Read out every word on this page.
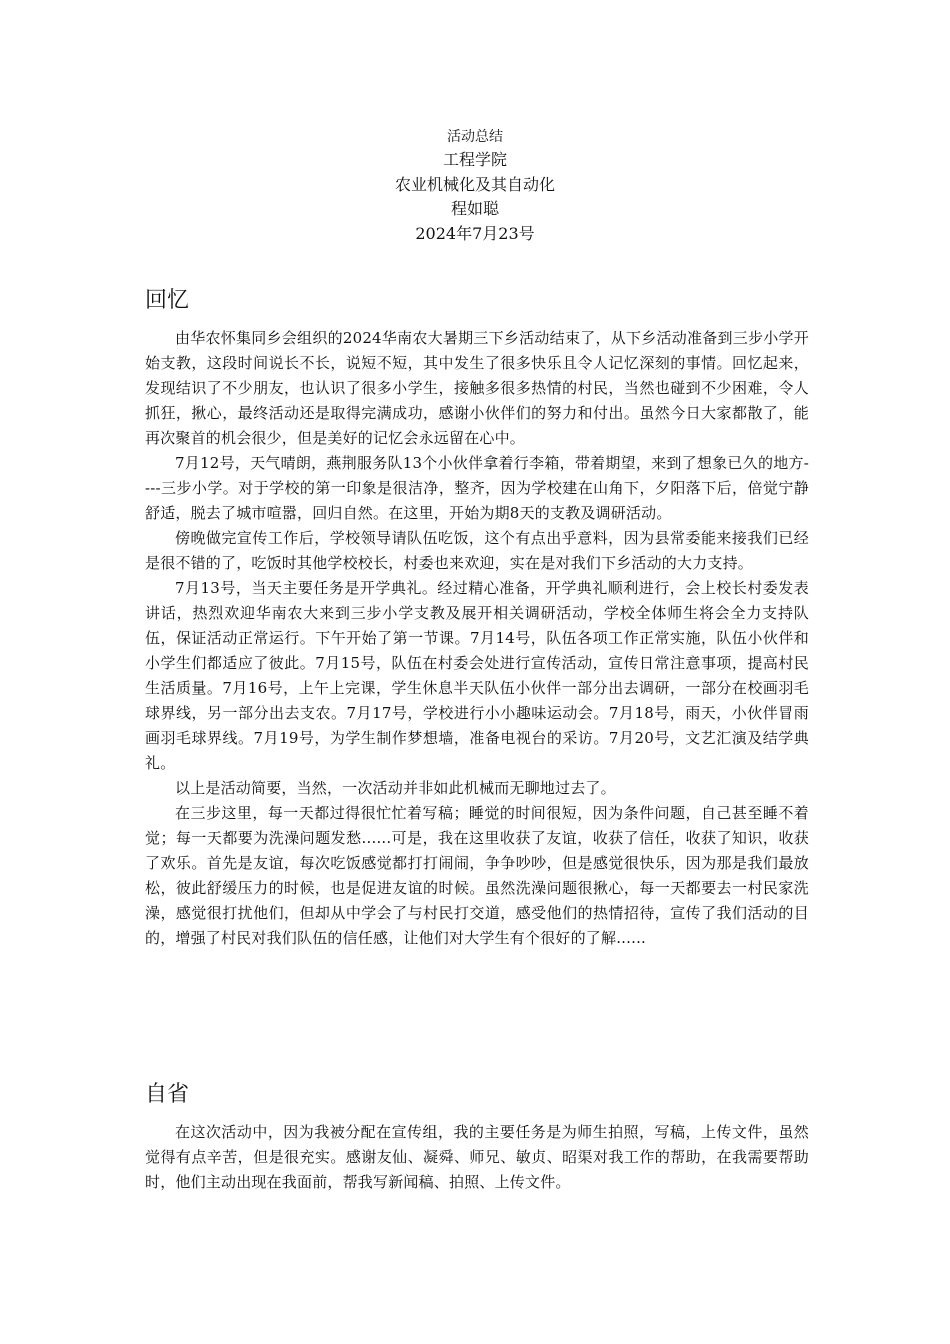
活动总结
工程学院
农业机械化及其自动化
程如聪
2024年7月23号
回忆

由华农怀集同乡会组织的2024华南农大暑期三下乡活动结束了，从下乡活动准备到三步小学开始支教，这段时间说长不长，说短不短，其中发生了很多快乐且令人记忆深刻的事情。回忆起来，发现结识了不少朋友，也认识了很多小学生，接触多很多热情的村民，当然也碰到不少困难，令人抓狂，揪心，最终活动还是取得完满成功，感谢小伙伴们的努力和付出。虽然今日大家都散了，能再次聚首的机会很少，但是美好的记忆会永远留在心中。

7月12号，天气晴朗，燕荆服务队13个小伙伴拿着行李箱，带着期望，来到了想象已久的地方----三步小学。对于学校的第一印象是很洁净，整齐，因为学校建在山角下，夕阳落下后，倍觉宁静舒适，脱去了城市喧嚣，回归自然。在这里，开始为期8天的支教及调研活动。

傍晚做完宣传工作后，学校领导请队伍吃饭，这个有点出乎意料，因为县常委能来接我们已经是很不错的了，吃饭时其他学校校长，村委也来欢迎，实在是对我们下乡活动的大力支持。

7月13号，当天主要任务是开学典礼。经过精心准备，开学典礼顺利进行，会上校长村委发表讲话，热烈欢迎华南农大来到三步小学支教及展开相关调研活动，学校全体师生将会全力支持队伍，保证活动正常运行。下午开始了第一节课。7月14号，队伍各项工作正常实施，队伍小伙伴和小学生们都适应了彼此。7月15号，队伍在村委会处进行宣传活动，宣传日常注意事项，提高村民生活质量。7月16号，上午上完课，学生休息半天队伍小伙伴一部分出去调研，一部分在校画羽毛球界线，另一部分出去支农。7月17号，学校进行小小趣味运动会。7月18号，雨天，小伙伴冒雨画羽毛球界线。7月19号，为学生制作梦想墙，准备电视台的采访。7月20号，文艺汇演及结学典礼。

以上是活动简要，当然，一次活动并非如此机械而无聊地过去了。

在三步这里，每一天都过得很忙忙着写稿；睡觉的时间很短，因为条件问题，自己甚至睡不着觉；每一天都要为洗澡问题发愁......可是，我在这里收获了友谊，收获了信任，收获了知识，收获了欢乐。首先是友谊，每次吃饭感觉都打打闹闹，争争吵吵，但是感觉很快乐，因为那是我们最放松，彼此舒缓压力的时候，也是促进友谊的时候。虽然洗澡问题很揪心，每一天都要去一村民家洗澡，感觉很打扰他们，但却从中学会了与村民打交道，感受他们的热情招待，宣传了我们活动的目的，增强了村民对我们队伍的信任感，让他们对大学生有个很好的了解......

自省

在这次活动中，因为我被分配在宣传组，我的主要任务是为师生拍照，写稿，上传文件，虽然觉得有点辛苦，但是很充实。感谢友仙、凝舜、师兄、敏贞、昭渠对我工作的帮助，在我需要帮助时，他们主动出现在我面前，帮我写新闻稿、拍照、上传文件。
